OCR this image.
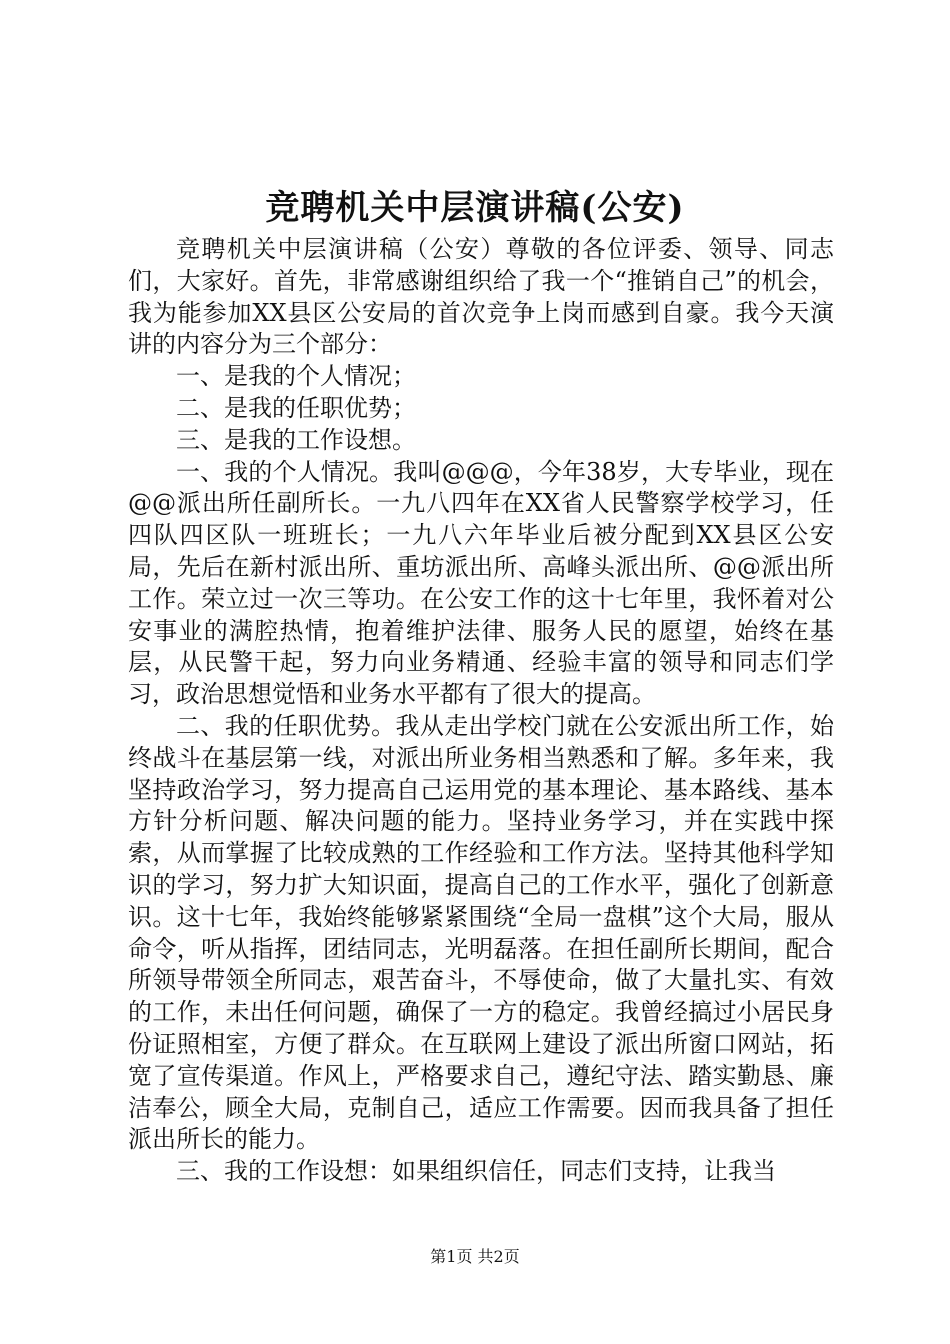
竞聘机关中层演讲稿(公安)

竞聘机关中层演讲稿（公安）尊敬的各位评委、领导、同志们，大家好。首先，非常感谢组织给了我一个“推销自己”的机会，我为能参加XX县区公安局的首次竞争上岗而感到自豪。我今天演讲的内容分为三个部分：

一、是我的个人情况；

二、是我的任职优势；

三、是我的工作设想。

一、我的个人情况。我叫@@@，今年38岁，大专毕业，现在@@派出所任副所长。一九八四年在XX省人民警察学校学习，任四队四区队一班班长；一九八六年毕业后被分配到XX县区公安局，先后在新村派出所、重坊派出所、高峰头派出所、@@派出所工作。荣立过一次三等功。在公安工作的这十七年里，我怀着对公安事业的满腔热情，抱着维护法律、服务人民的愿望，始终在基层，从民警干起，努力向业务精通、经验丰富的领导和同志们学习，政治思想觉悟和业务水平都有了很大的提高。

二、我的任职优势。我从走出学校门就在公安派出所工作，始终战斗在基层第一线，对派出所业务相当熟悉和了解。多年来，我坚持政治学习，努力提高自己运用党的基本理论、基本路线、基本方针分析问题、解决问题的能力。坚持业务学习，并在实践中探索，从而掌握了比较成熟的工作经验和工作方法。坚持其他科学知识的学习，努力扩大知识面，提高自己的工作水平，强化了创新意识。这十七年，我始终能够紧紧围绕“全局一盘棋”这个大局，服从命令，听从指挥，团结同志，光明磊落。在担任副所长期间，配合所领导带领全所同志，艰苦奋斗，不辱使命，做了大量扎实、有效的工作，未出任何问题，确保了一方的稳定。我曾经搞过小居民身份证照相室，方便了群众。在互联网上建设了派出所窗口网站，拓宽了宣传渠道。作风上，严格要求自己，遵纪守法、踏实勤恳、廉洁奉公，顾全大局，克制自己，适应工作需要。因而我具备了担任派出所长的能力。

三、我的工作设想：如果组织信任，同志们支持，让我当

第1页 共2页
